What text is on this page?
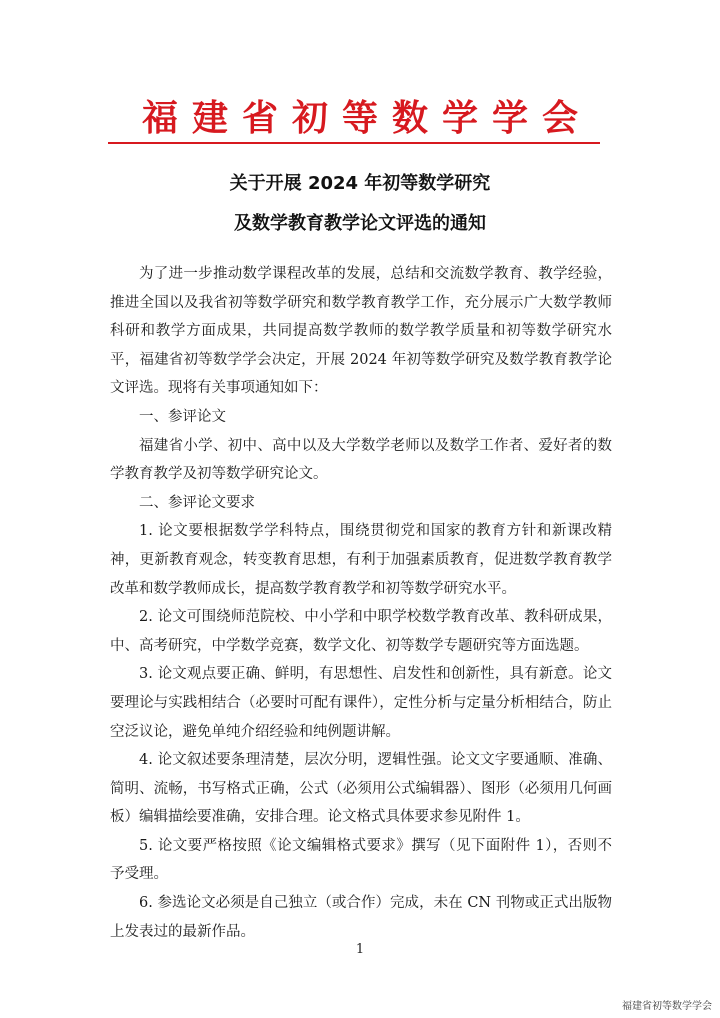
福建省初等数学学会
关于开展 2024 年初等数学研究
及数学教育教学论文评选的通知

为了进一步推动数学课程改革的发展，总结和交流数学教育、教学经验，推进全国以及我省初等数学研究和数学教育教学工作，充分展示广大数学教师科研和教学方面成果，共同提高数学教师的数学教学质量和初等数学研究水平，福建省初等数学学会决定，开展 2024 年初等数学研究及数学教育教学论文评选。现将有关事项通知如下：

一、参评论文

福建省小学、初中、高中以及大学数学老师以及数学工作者、爱好者的数学教育教学及初等数学研究论文。

二、参评论文要求

1. 论文要根据数学学科特点，围绕贯彻党和国家的教育方针和新课改精神，更新教育观念，转变教育思想，有利于加强素质教育，促进数学教育教学改革和数学教师成长，提高数学教育教学和初等数学研究水平。

2. 论文可围绕师范院校、中小学和中职学校数学教育改革、教科研成果，中、高考研究，中学数学竞赛，数学文化、初等数学专题研究等方面选题。

3. 论文观点要正确、鲜明，有思想性、启发性和创新性，具有新意。论文要理论与实践相结合（必要时可配有课件），定性分析与定量分析相结合，防止空泛议论，避免单纯介绍经验和纯例题讲解。

4. 论文叙述要条理清楚，层次分明，逻辑性强。论文文字要通顺、准确、简明、流畅，书写格式正确，公式（必须用公式编辑器）、图形（必须用几何画板）编辑描绘要准确，安排合理。论文格式具体要求参见附件 1。

5. 论文要严格按照《论文编辑格式要求》撰写（见下面附件 1），否则不予受理。

6. 参选论文必须是自己独立（或合作）完成，未在 CN 刊物或正式出版物上发表过的最新作品。

1
福建省初等数学学会
